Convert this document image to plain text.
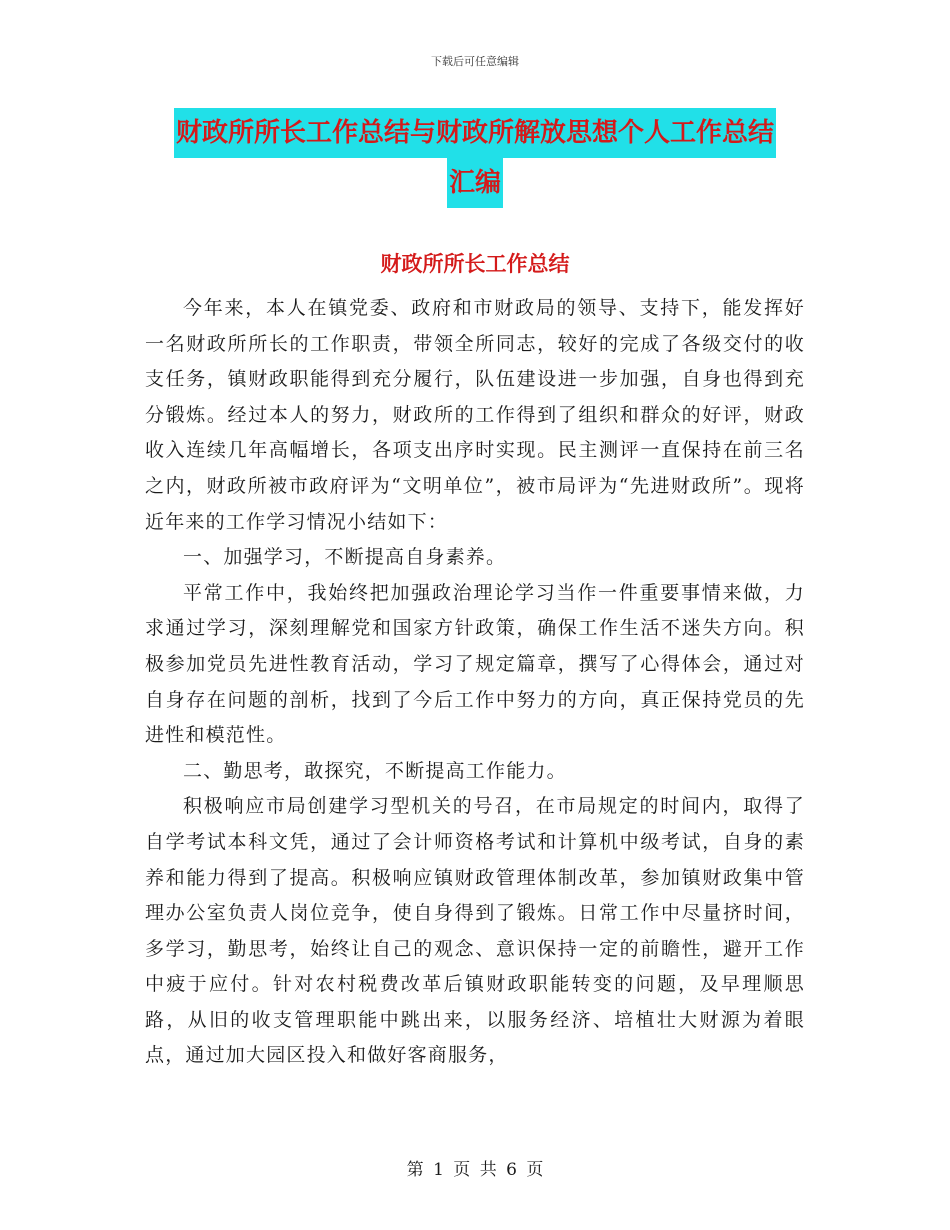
下载后可任意编辑
财政所所长工作总结与财政所解放思想个人工作总结
汇编
财政所所长工作总结

今年来，本人在镇党委、政府和市财政局的领导、支持下，能发挥好一名财政所所长的工作职责，带领全所同志，较好的完成了各级交付的收支任务，镇财政职能得到充分履行，队伍建设进一步加强，自身也得到充分锻炼。经过本人的努力，财政所的工作得到了组织和群众的好评，财政收入连续几年高幅增长，各项支出序时实现。民主测评一直保持在前三名之内，财政所被市政府评为“文明单位”，被市局评为“先进财政所”。现将近年来的工作学习情况小结如下：

一、加强学习，不断提高自身素养。

平常工作中，我始终把加强政治理论学习当作一件重要事情来做，力求通过学习，深刻理解党和国家方针政策，确保工作生活不迷失方向。积极参加党员先进性教育活动，学习了规定篇章，撰写了心得体会，通过对自身存在问题的剖析，找到了今后工作中努力的方向，真正保持党员的先进性和模范性。

二、勤思考，敢探究，不断提高工作能力。

积极响应市局创建学习型机关的号召，在市局规定的时间内，取得了自学考试本科文凭，通过了会计师资格考试和计算机中级考试，自身的素养和能力得到了提高。积极响应镇财政管理体制改革，参加镇财政集中管理办公室负责人岗位竞争，使自身得到了锻炼。日常工作中尽量挤时间，多学习，勤思考，始终让自己的观念、意识保持一定的前瞻性，避开工作中疲于应付。针对农村税费改革后镇财政职能转变的问题，及早理顺思路，从旧的收支管理职能中跳出来，以服务经济、培植壮大财源为着眼点，通过加大园区投入和做好客商服务，

第 1 页 共 6 页
